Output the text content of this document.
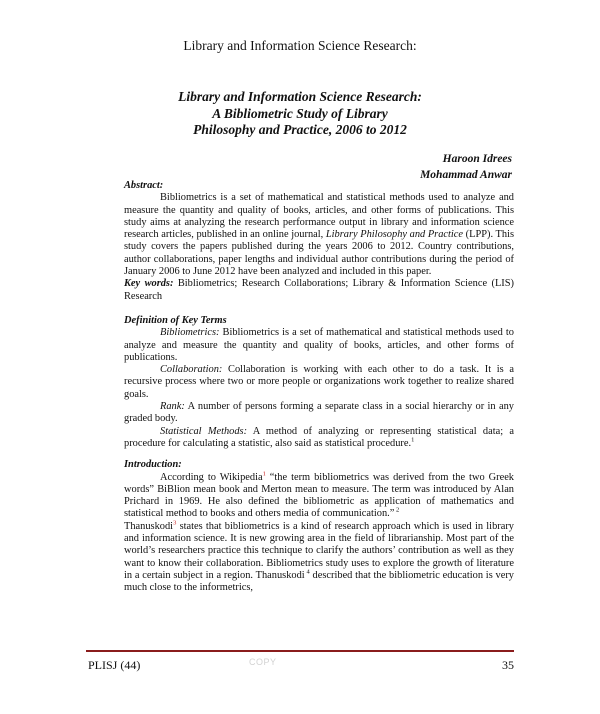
Library and Information Science Research:
Library and Information Science Research:
A Bibliometric Study of Library
Philosophy and Practice, 2006 to 2012
Haroon Idrees
Mohammad Anwar

Abstract:

Bibliometrics is a set of mathematical and statistical methods used to analyze and measure the quantity and quality of books, articles, and other forms of publications. This study aims at analyzing the research performance output in library and information science research articles, published in an online journal, Library Philosophy and Practice (LPP). This study covers the papers published during the years 2006 to 2012. Country contributions, author collaborations, paper lengths and individual author contributions during the period of January 2006 to June 2012 have been analyzed and included in this paper.

Key words: Bibliometrics; Research Collaborations; Library & Information Science (LIS) Research

Definition of Key Terms

Bibliometrics: Bibliometrics is a set of mathematical and statistical methods used to analyze and measure the quantity and quality of books, articles, and other forms of publications.

Collaboration: Collaboration is working with each other to do a task. It is a recursive process where two or more people or organizations work together to realize shared goals.

Rank: A number of persons forming a separate class in a social hierarchy or in any graded body.

Statistical Methods: A method of analyzing or representing statistical data; a procedure for calculating a statistic, also said as statistical procedure.$^1$

Introduction:

According to Wikipedia$^1$ “the term bibliometrics was derived from the two Greek words” BiBlion mean book and Merton mean to measure. The term was introduced by Alan Prichard in 1969. He also defined the bibliometric as application of mathematics and statistical method to books and others media of communication.” $^2$

Thanuskodi$^3$ states that bibliometrics is a kind of research approach which is used in library and information science. It is new growing area in the field of librarianship. Most part of the world’s researchers practice this technique to clarify the authors’ contribution as well as they want to know their collaboration. Bibliometrics study uses to explore the growth of literature in a certain subject in a region. Thanuskodi $^4$ described that the bibliometric education is very much close to the informetrics,

PLISJ (44)	COPY	35
